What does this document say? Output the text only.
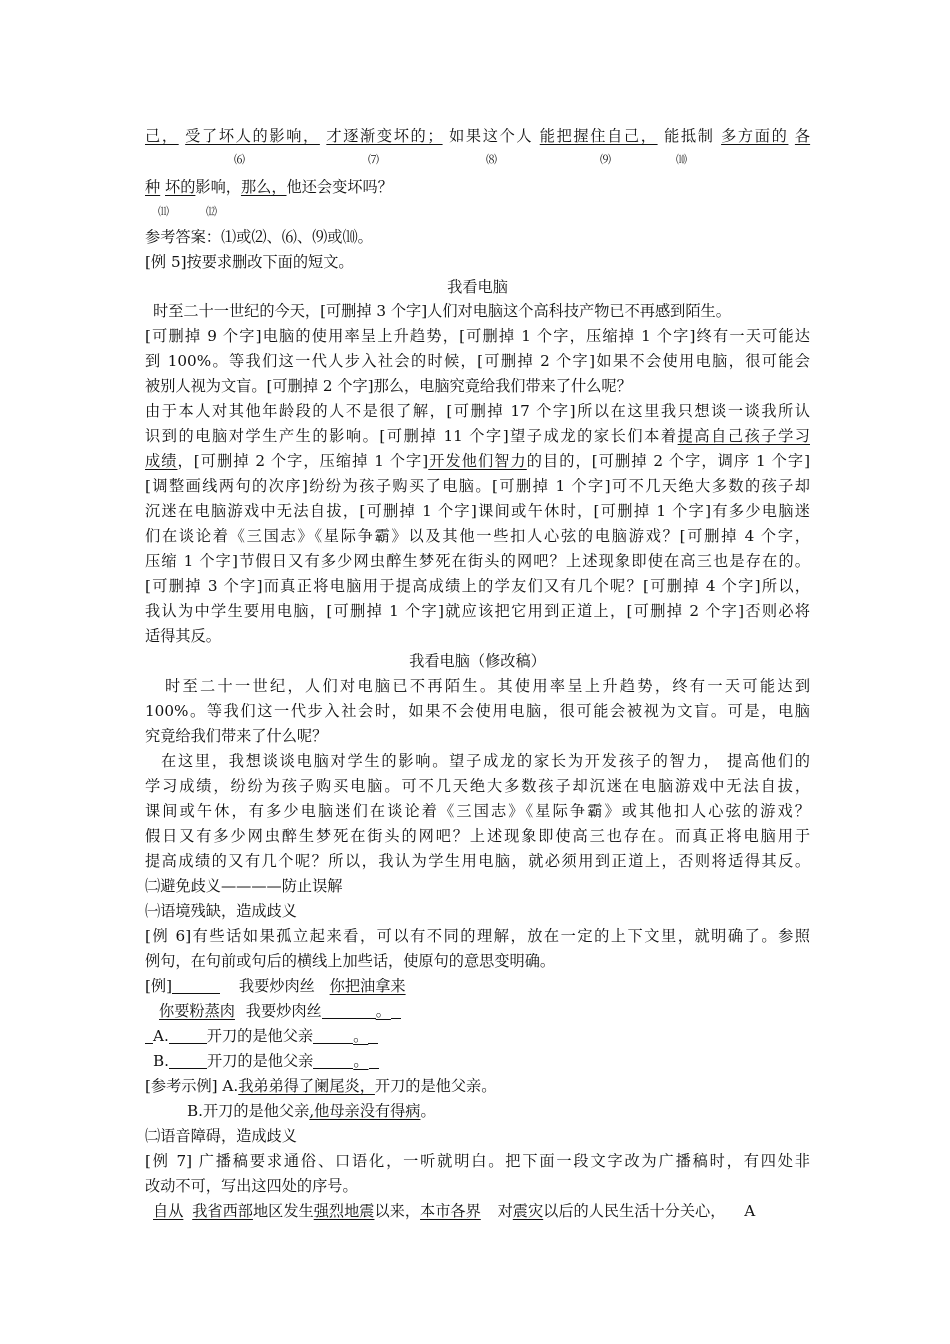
己， 受了坏人的影响， 才逐渐变坏的； 如果这个人 能把握住自己， 能抵制 多方面的 各
⑹	⑺	⑻	⑼	⑽
种 坏的影响，那么，他还会变坏吗？
⑾	⑿
参考答案：⑴或⑵、⑹、⑼或⑽。
[例 5]按要求删改下面的短文。
我看电脑
时至二十一世纪的今天，[可删掉 3 个字]人们对电脑这个高科技产物已不再感到陌生。
[可删掉 9 个字]电脑的使用率呈上升趋势，[可删掉 1 个字，压缩掉 1 个字]终有一天可能达
到 100%。等我们这一代人步入社会的时候，[可删掉 2 个字]如果不会使用电脑，很可能会
被别人视为文盲。[可删掉 2 个字]那么，电脑究竟给我们带来了什么呢？
由于本人对其他年龄段的人不是很了解，[可删掉 17 个字]所以在这里我只想谈一谈我所认
识到的电脑对学生产生的影响。[可删掉 11 个字]望子成龙的家长们本着提高自己孩子学习
成绩，[可删掉 2 个字，压缩掉 1 个字]开发他们智力的目的，[可删掉 2 个字，调序 1 个字]
[调整画线两句的次序]纷纷为孩子购买了电脑。[可删掉 1 个字]可不几天绝大多数的孩子却
沉迷在电脑游戏中无法自拔，[可删掉 1 个字]课间或午休时，[可删掉 1 个字]有多少电脑迷
们在谈论着《三国志》《星际争霸》以及其他一些扣人心弦的电脑游戏？[可删掉 4 个字，
压缩 1 个字]节假日又有多少网虫醉生梦死在街头的网吧？上述现象即使在高三也是存在的。
[可删掉 3 个字]而真正将电脑用于提高成绩上的学友们又有几个呢？[可删掉 4 个字]所以，
我认为中学生要用电脑，[可删掉 1 个字]就应该把它用到正道上，[可删掉 2 个字]否则必将
适得其反。
我看电脑（修改稿）
时至二十一世纪，人们对电脑已不再陌生。其使用率呈上升趋势，终有一天可能达到
100%。等我们这一代步入社会时，如果不会使用电脑，很可能会被视为文盲。可是，电脑
究竟给我们带来了什么呢？
在这里，我想谈谈电脑对学生的影响。望子成龙的家长为开发孩子的智力， 提高他们的
学习成绩，纷纷为孩子购买电脑。可不几天绝大多数孩子却沉迷在电脑游戏中无法自拔，
课间或午休，有多少电脑迷们在谈论着《三国志》《星际争霸》或其他扣人心弦的游戏？
假日又有多少网虫醉生梦死在街头的网吧？上述现象即使高三也存在。而真正将电脑用于
提高成绩的又有几个呢？所以，我认为学生用电脑，就必须用到正道上，否则将适得其反。
㈡避免歧义————防止误解
㈠语境残缺，造成歧义
[例 6]有些话如果孤立起来看，可以有不同的理解，放在一定的上下文里，就明确了。参照
例句，在句前或句后的横线上加些话，使原句的意思变明确。
[例]	我要炒肉丝 你把油拿来
你要粉蒸肉 我要炒肉丝	。
A.	开刀的是他父亲	。
B.	开刀的是他父亲	。
[参考示例] A.我弟弟得了阑尾炎，开刀的是他父亲。
B.开刀的是他父亲,他母亲没有得病。
㈡语音障碍，造成歧义
[例 7] 广播稿要求通俗、口语化，一听就明白。把下面一段文字改为广播稿时，有四处非
改动不可，写出这四处的序号。
自从 我省西部地区发生强烈地震以来，本市各界 对震灾以后的人民生活十分关心， A
